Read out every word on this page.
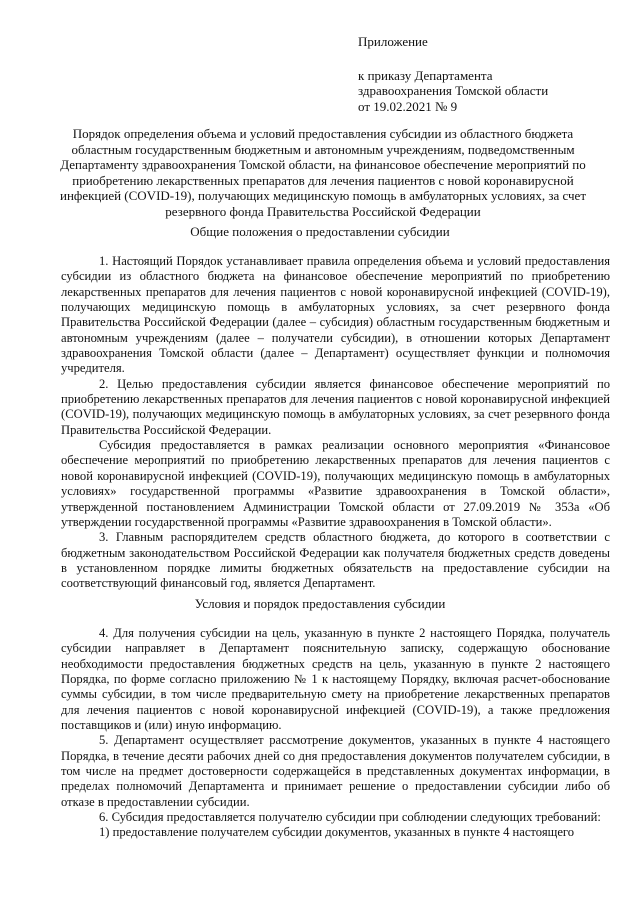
Приложение

к приказу Департамента

здравоохранения Томской области

от 19.02.2021 № 9

Порядок определения объема и условий предоставления субсидии из областного бюджета областным государственным бюджетным и автономным учреждениям, подведомственным Департаменту здравоохранения Томской области, на финансовое обеспечение мероприятий по приобретению лекарственных препаратов для лечения пациентов с новой коронавирусной инфекцией (COVID-19), получающих медицинскую помощь в амбулаторных условиях, за счет резервного фонда Правительства Российской Федерации

Общие положения о предоставлении субсидии

1. Настоящий Порядок устанавливает правила определения объема и условий предоставления субсидии из областного бюджета на финансовое обеспечение мероприятий по приобретению лекарственных препаратов для лечения пациентов с новой коронавирусной инфекцией (COVID-19), получающих медицинскую помощь в амбулаторных условиях, за счет резервного фонда Правительства Российской Федерации (далее – субсидия) областным государственным бюджетным и автономным учреждениям (далее – получатели субсидии), в отношении которых Департамент здравоохранения Томской области (далее – Департамент) осуществляет функции и полномочия учредителя.

2. Целью предоставления субсидии является финансовое обеспечение мероприятий по приобретению лекарственных препаратов для лечения пациентов с новой коронавирусной инфекцией (COVID-19), получающих медицинскую помощь в амбулаторных условиях, за счет резервного фонда Правительства Российской Федерации.

Субсидия предоставляется в рамках реализации основного мероприятия «Финансовое обеспечение мероприятий по приобретению лекарственных препаратов для лечения пациентов с новой коронавирусной инфекцией (COVID-19), получающих медицинскую помощь в амбулаторных условиях» государственной программы «Развитие здравоохранения в Томской области», утвержденной постановлением Администрации Томской области от 27.09.2019 № 353а «Об утверждении государственной программы «Развитие здравоохранения в Томской области».

3. Главным распорядителем средств областного бюджета, до которого в соответствии с бюджетным законодательством Российской Федерации как получателя бюджетных средств доведены в установленном порядке лимиты бюджетных обязательств на предоставление субсидии на соответствующий финансовый год, является Департамент.

Условия и порядок предоставления субсидии

4. Для получения субсидии на цель, указанную в пункте 2 настоящего Порядка, получатель субсидии направляет в Департамент пояснительную записку, содержащую обоснование необходимости предоставления бюджетных средств на цель, указанную в пункте 2 настоящего Порядка, по форме согласно приложению № 1 к настоящему Порядку, включая расчет-обоснование суммы субсидии, в том числе предварительную смету на приобретение лекарственных препаратов для лечения пациентов с новой коронавирусной инфекцией (COVID-19), а также предложения поставщиков и (или) иную информацию.

5. Департамент осуществляет рассмотрение документов, указанных в пункте 4 настоящего Порядка, в течение десяти рабочих дней со дня предоставления документов получателем субсидии, в том числе на предмет достоверности содержащейся в представленных документах информации, в пределах полномочий Департамента и принимает решение о предоставлении субсидии либо об отказе в предоставлении субсидии.

6. Субсидия предоставляется получателю субсидии при соблюдении следующих требований:

1) предоставление получателем субсидии документов, указанных в пункте 4 настоящего
